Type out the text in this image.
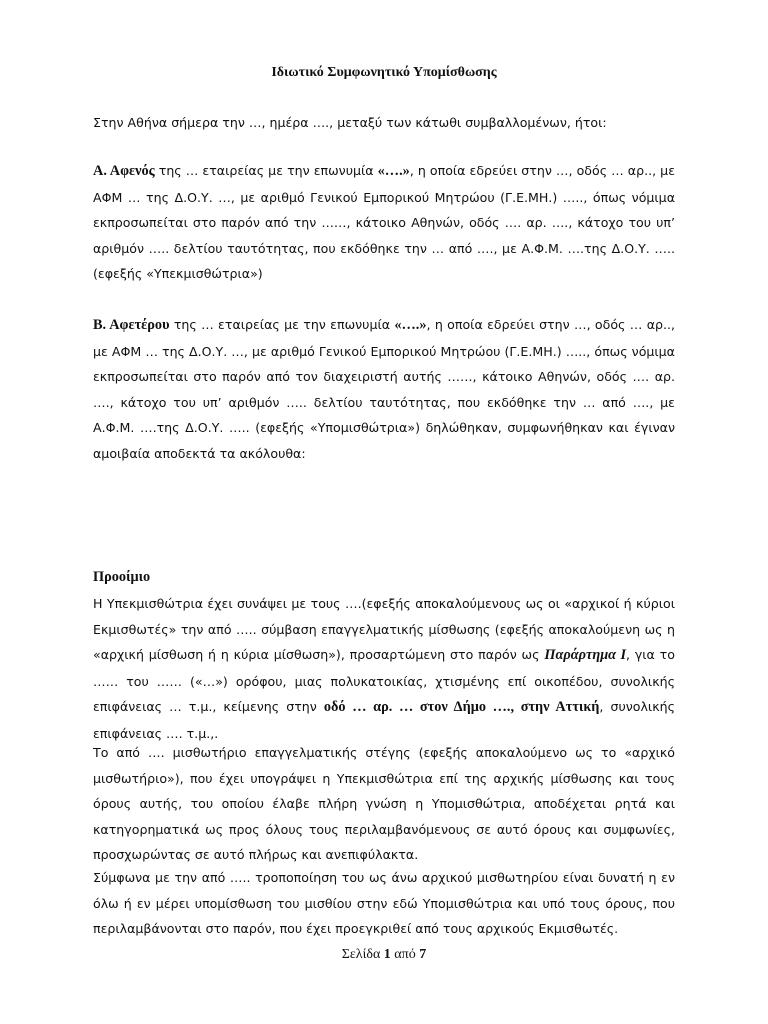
Ιδιωτικό Συμφωνητικό Υπομίσθωσης

Στην Αθήνα σήμερα την …, ημέρα …., μεταξύ των κάτωθι συμβαλλομένων, ήτοι:

Α. Αφενός της … εταιρείας με την επωνυμία «….», η οποία εδρεύει στην …, οδός … αρ.., με ΑΦΜ … της Δ.Ο.Υ. …, με αριθμό Γενικού Εμπορικού Μητρώου (Γ.Ε.ΜΗ.) ….., όπως νόμιμα εκπροσωπείται στο παρόν από την ……, κάτοικο Αθηνών, οδός …. αρ. …., κάτοχο του υπ’ αριθμόν ….. δελτίου ταυτότητας, που εκδόθηκε την … από …., με Α.Φ.Μ. ….της Δ.Ο.Υ. ….. (εφεξής «Υπεκμισθώτρια»)

Β. Αφετέρου της … εταιρείας με την επωνυμία «….», η οποία εδρεύει στην …, οδός … αρ.., με ΑΦΜ … της Δ.Ο.Υ. …, με αριθμό Γενικού Εμπορικού Μητρώου (Γ.Ε.ΜΗ.) ….., όπως νόμιμα εκπροσωπείται στο παρόν από τον διαχειριστή αυτής ……, κάτοικο Αθηνών, οδός …. αρ. …., κάτοχο του υπ’ αριθμόν ….. δελτίου ταυτότητας, που εκδόθηκε την … από …., με Α.Φ.Μ. ….της Δ.Ο.Υ. ….. (εφεξής «Υπομισθώτρια») δηλώθηκαν, συμφωνήθηκαν και έγιναν αμοιβαία αποδεκτά τα ακόλουθα:

Προοίμιο

Η Υπεκμισθώτρια έχει συνάψει με τους ….(εφεξής αποκαλούμενους ως οι «αρχικοί ή κύριοι Εκμισθωτές» την από ….. σύμβαση επαγγελματικής μίσθωσης (εφεξής αποκαλούμενη ως η «αρχική μίσθωση ή η κύρια μίσθωση»), προσαρτώμενη στο παρόν ως Παράρτημα Ι, για το …… του …… («…») ορόφου, μιας πολυκατοικίας, χτισμένης επί οικοπέδου, συνολικής επιφάνειας … τ.μ., κείμενης στην οδό … αρ. … στον Δήμο …., στην Αττική, συνολικής επιφάνειας …. τ.μ.,.

Το από …. μισθωτήριο επαγγελματικής στέγης (εφεξής αποκαλούμενο ως το «αρχικό μισθωτήριο»), που έχει υπογράψει η Υπεκμισθώτρια επί της αρχικής μίσθωσης και τους όρους αυτής, του οποίου έλαβε πλήρη γνώση η Υπομισθώτρια, αποδέχεται ρητά και κατηγορηματικά ως προς όλους τους περιλαμβανόμενους σε αυτό όρους και συμφωνίες, προσχωρώντας σε αυτό πλήρως και ανεπιφύλακτα.

Σύμφωνα με την από ….. τροποποίηση του ως άνω αρχικού μισθωτηρίου είναι δυνατή η εν όλω ή εν μέρει υπομίσθωση του μισθίου στην εδώ Υπομισθώτρια και υπό τους όρους, που περιλαμβάνονται στο παρόν, που έχει προεγκριθεί από τους αρχικούς Εκμισθωτές.

Σελίδα 1 από 7
